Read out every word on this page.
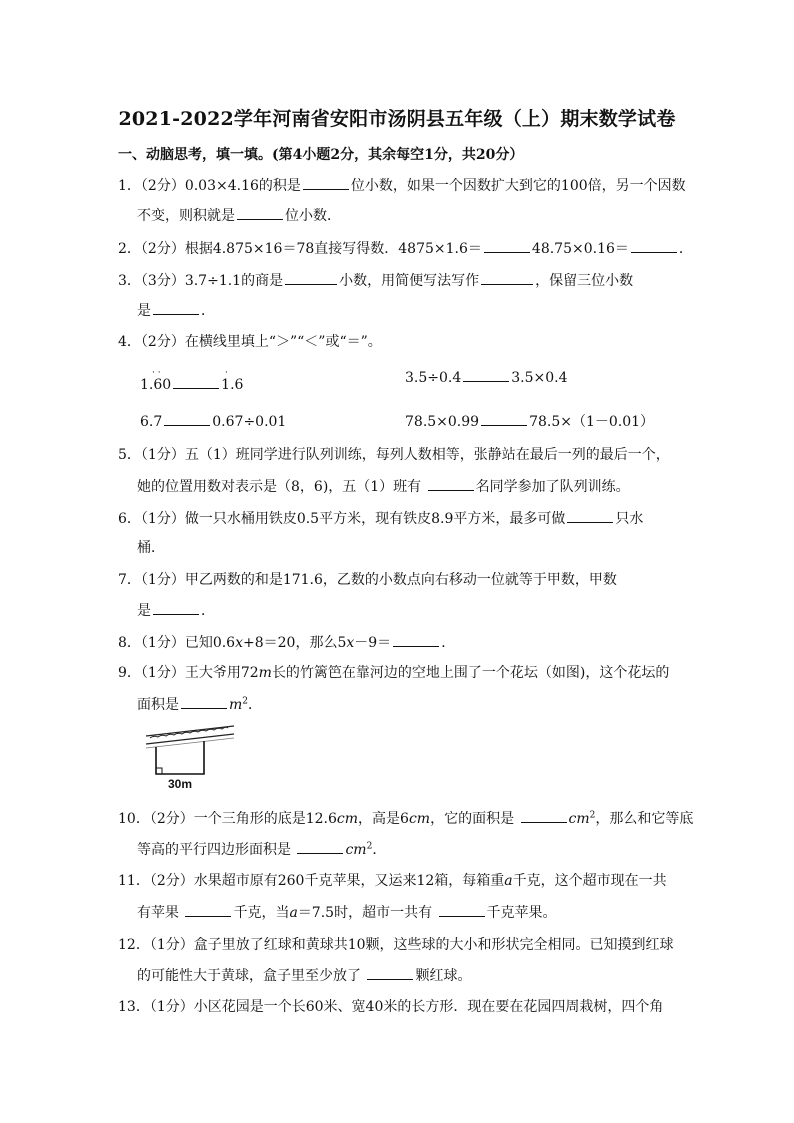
2021-2022学年河南省安阳市汤阴县五年级（上）期末数学试卷
一、动脑思考，填一填。(第4小题2分，其余每空1分，共20分）
1．（2分）0.03×4.16的积是	位小数，如果一个因数扩大到它的100倍，另一个因数
不变，则积就是	位小数．
2．（2分）根据4.875×16＝78直接写得数．4875×1.6＝	48.75×0.16＝	．
3．（3分）3.7÷1.1的商是	小数，用简便写法写作	，保留三位小数
是	．
4．（2分）在横线里填上“＞”“＜”或“＝”。
· ·	·
1.60	1.6	3.5÷0.4	3.5×0.4
6.7	0.67÷0.01	78.5×0.99	78.5×（1－0.01）
5．（1分）五（1）班同学进行队列训练，每列人数相等，张静站在最后一列的最后一个，
她的位置用数对表示是（8，6)，五（1）班有	名同学参加了队列训练。
6．（1分）做一只水桶用铁皮0.5平方米，现有铁皮8.9平方米，最多可做	只水
桶．
7．（1分）甲乙两数的和是171.6，乙数的小数点向右移动一位就等于甲数，甲数
是	．
8．（1分）已知0.6x+8＝20，那么5x－9＝	．
9．（1分）王大爷用72m长的竹篱笆在靠河边的空地上围了一个花坛（如图)，这个花坛的
面积是	$m^2$．
30m
10．（2分）一个三角形的底是12.6cm，高是6cm，它的面积是	$cm^2$，那么和它等底
等高的平行四边形面积是	$cm^2$．
11．（2分）水果超市原有260千克苹果，又运来12箱，每箱重a千克，这个超市现在一共
有苹果	千克，当a＝7.5时，超市一共有	千克苹果。
12．（1分）盒子里放了红球和黄球共10颗，这些球的大小和形状完全相同。已知摸到红球
的可能性大于黄球，盒子里至少放了	颗红球。
13．（1分）小区花园是一个长60米、宽40米的长方形．现在要在花园四周栽树，四个角
